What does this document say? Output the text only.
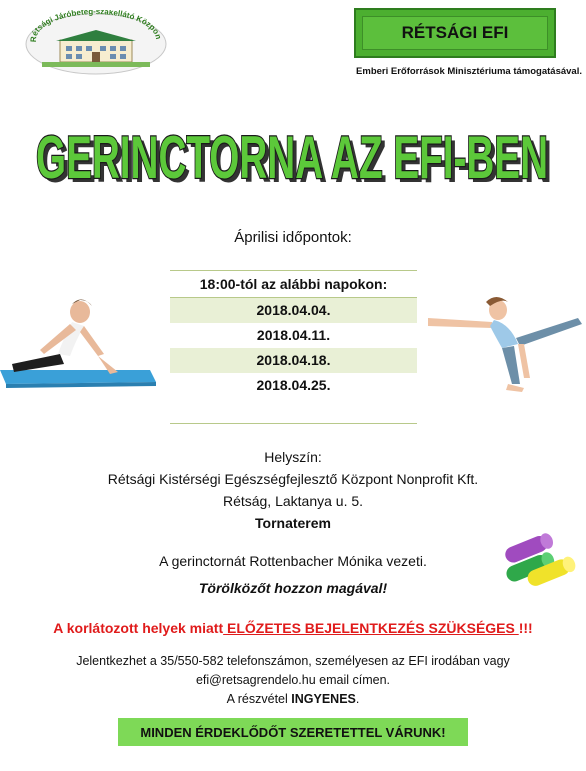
Rétsági Járóbeteg-szakellátó Közpon	RÉTSÁGI EFI
Emberi Erőforrások Minisztériuma támogatásával.
GERINCTORNA AZ EFI-BEN
GERINCTORNA AZ EFI-BEN
Áprilisi időpontok:
18:00-tól az alábbi napokon:
2018.04.04.
2018.04.11.
2018.04.18.
2018.04.25.
Helyszín:
Rétsági Kistérségi Egészségfejlesztő Központ Nonprofit Kft.
Rétság, Laktanya u. 5.
Tornaterem
A gerinctornát Rottenbacher Mónika vezeti.
Törölközőt hozzon magával!
A korlátozott helyek miatt ELŐZETES BEJELENTKEZÉS SZÜKSÉGES !!!
Jelentkezhet a 35/550-582 telefonszámon, személyesen az EFI irodában vagy
efi@retsagrendelo.hu email címen.
A részvétel INGYENES.
MINDEN ÉRDEKLŐDŐT SZERETETTEL VÁRUNK!
